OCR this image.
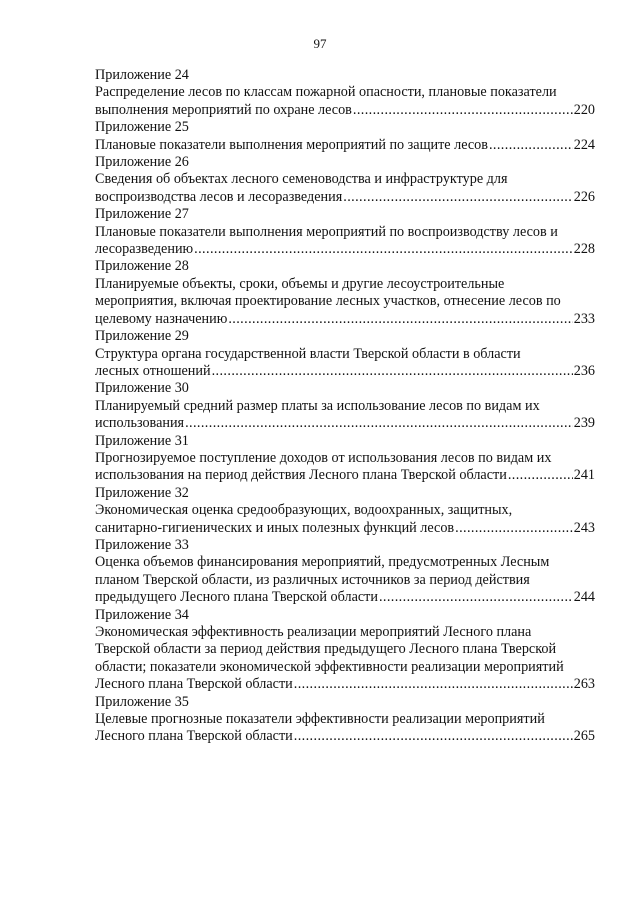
97
Приложение 24
Распределение лесов по классам пожарной опасности, плановые показатели
выполнения мероприятий по охране лесов .....	220
Приложение 25
Плановые показатели выполнения мероприятий по защите лесов .....	224
Приложение 26
Сведения об объектах лесного семеноводства и инфраструктуре для
воспроизводства лесов и лесоразведения .....	226
Приложение 27
Плановые показатели выполнения мероприятий по воспроизводству лесов и
лесоразведению .....	228
Приложение 28
Планируемые объекты, сроки, объемы и другие лесоустроительные
мероприятия, включая проектирование лесных участков, отнесение лесов по
целевому назначению .....	233
Приложение 29
Структура органа государственной власти Тверской области в области
лесных отношений .....	236
Приложение 30
Планируемый средний размер платы за использование лесов по видам их
использования .....	239
Приложение 31
Прогнозируемое поступление доходов от использования лесов по видам их
использования на период действия Лесного плана Тверской области .....	241
Приложение 32
Экономическая оценка средообразующих, водоохранных, защитных,
санитарно-гигиенических и иных полезных функций лесов .....	243
Приложение 33
Оценка объемов финансирования мероприятий, предусмотренных Лесным
планом Тверской области, из различных источников за период действия
предыдущего Лесного плана Тверской области .....	244
Приложение 34
Экономическая эффективность реализации мероприятий Лесного плана
Тверской области за период действия предыдущего Лесного плана Тверской
области; показатели экономической эффективности реализации мероприятий
Лесного плана Тверской области .....	263
Приложение 35
Целевые прогнозные показатели эффективности реализации мероприятий
Лесного плана Тверской области .....	265
